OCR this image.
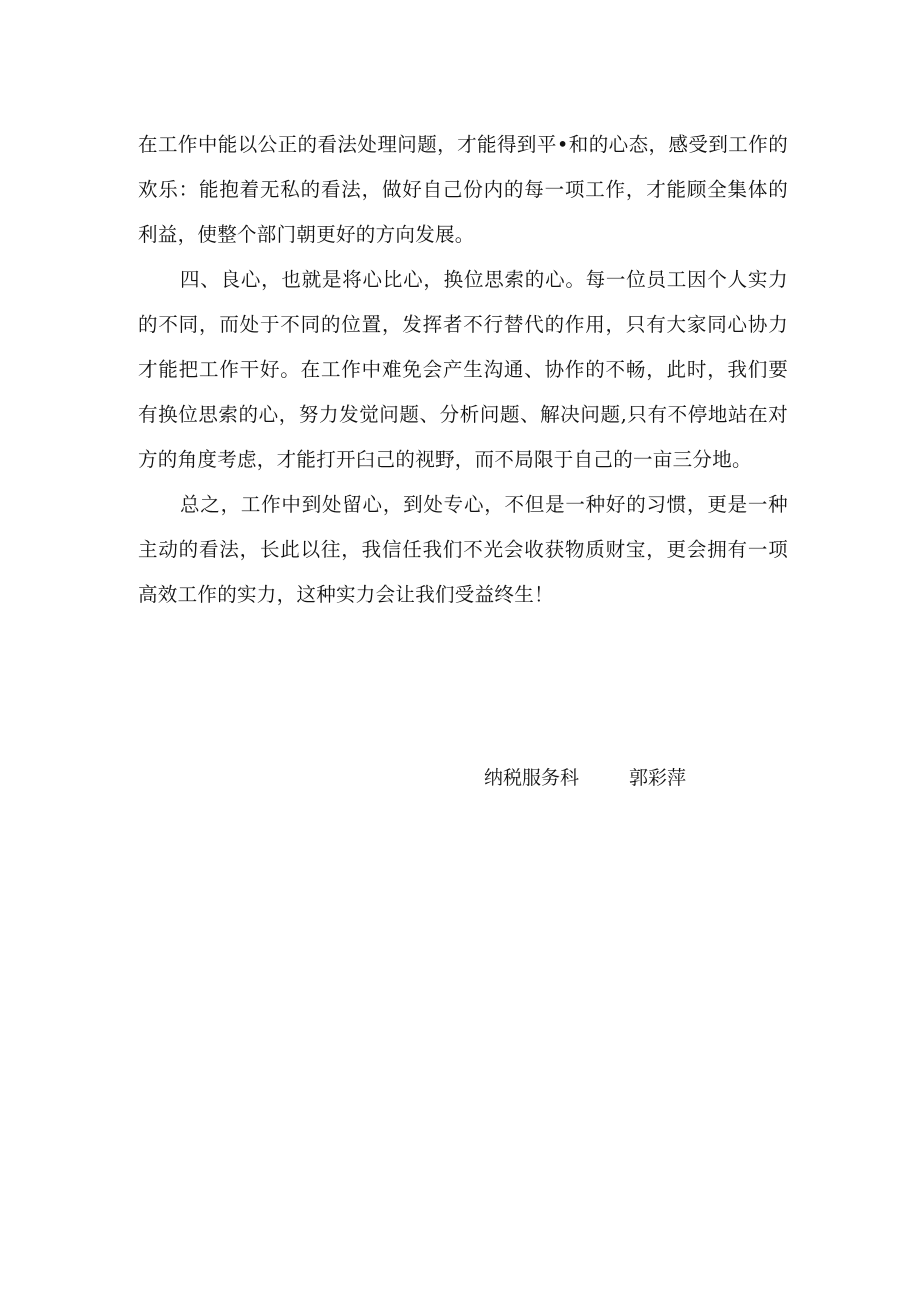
在工作中能以公正的看法处理问题，才能得到平•和的心态，感受到工作的欢乐：能抱着无私的看法，做好自己份内的每一项工作，才能顾全集体的利益，使整个部门朝更好的方向发展。

四、良心，也就是将心比心，换位思索的心。每一位员工因个人实力的不同，而处于不同的位置，发挥者不行替代的作用，只有大家同心协力才能把工作干好。在工作中难免会产生沟通、协作的不畅，此时，我们要有换位思索的心，努力发觉问题、分析问题、解决问题,只有不停地站在对方的角度考虑，才能打开臼己的视野，而不局限于自己的一亩三分地。

总之，工作中到处留心，到处专心，不但是一种好的习惯，更是一种主动的看法，长此以往，我信任我们不光会收获物质财宝，更会拥有一项高效工作的实力，这种实力会让我们受益终生！

纳税服务科	郭彩萍
